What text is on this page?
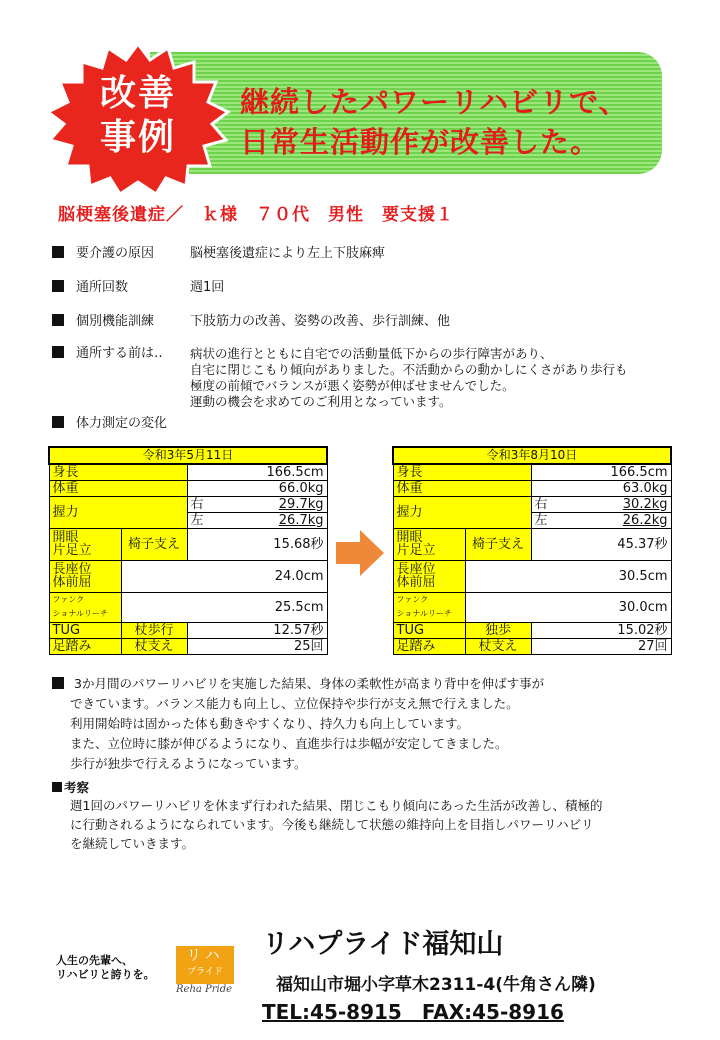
継続したパワーリハビリで、
日常生活動作が改善した。
改善
事例
脳梗塞後遺症／　ｋ様　７０代　男性　要支援１
要介護の原因	脳梗塞後遺症により左上下肢麻痺
通所回数	週1回
個別機能訓練	下肢筋力の改善、姿勢の改善、歩行訓練、他
通所する前は‥	病状の進行とともに自宅での活動量低下からの歩行障害があり、
自宅に閉じこもり傾向がありました。不活動からの動かしにくさがあり歩行も
極度の前傾でバランスが悪く姿勢が伸ばせませんでした。
運動の機会を求めてのご利用となっています。
体力測定の変化
令和3年5月11日		
身長		166.5cm
体重		66.0kg
握力		右 29.7kg

		左 26.7kg

開眼
片足立	椅子支え	15.68秒

長座位
体前屈	24.0cm	

ファンク
ショナルリーチ	25.5cm	
TUG	杖歩行	12.57秒
足踏み	杖支え	25回
令和3年8月10日		
身長		166.5cm
体重		63.0kg
握力		右 30.2kg

		左 26.2kg

開眼
片足立	椅子支え	45.37秒

長座位
体前屈	30.5cm	

ファンク
ショナルリーチ	30.0cm	
TUG	独歩	15.02秒
足踏み	杖支え	27回
3か月間のパワーリハビリを実施した結果、身体の柔軟性が高まり背中を伸ばす事が
できています。バランス能力も向上し、立位保持や歩行が支え無で行えました。
利用開始時は固かった体も動きやすくなり、持久力も向上しています。
また、立位時に膝が伸びるようになり、直進歩行は歩幅が安定してきました。
歩行が独歩で行えるようになっています。
考察
週1回のパワーリハビリを休まず行われた結果、閉じこもり傾向にあった生活が改善し、積極的
に行動されるようになられています。今後も継続して状態の維持向上を目指しパワーリハビリ
を継続していきます。
人生の先輩へ、
リハビリと誇りを。
リハ
プライド
Reha Pride
リハプライド福知山
福知山市堀小字草木2311-4(牛角さん隣)
TEL:45-8915　FAX:45-8916
